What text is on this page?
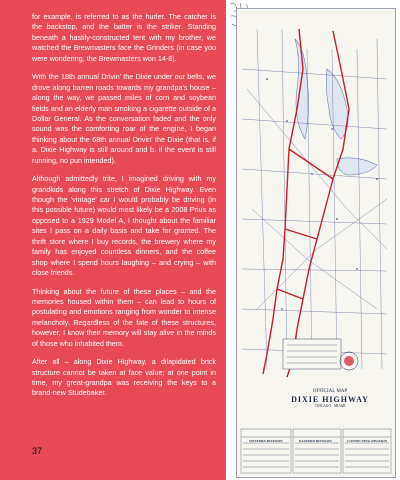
for example, is referred to as the hurler. The catcher is the backstop, and the batter is the striker. Standing beneath a hastily-constructed tent with my brother, we watched the Brewmasters face the Grinders (in case you were wondering, the Brewmasters won 14-8).

With the 18th annual Drivin' the Dixie under our belts, we drove along barren roads towards my grandpa's house – along the way, we passed miles of corn and soybean fields and an elderly man smoking a cigarette outside of a Dollar General. As the conversation faded and the only sound was the comforting roar of the engine, I began thinking about the 68th annual Drivin' the Dixie (that is, if a. Dixie Highway is still around and b. if the event is still running, no pun intended).

Although admittedly trite, I imagined driving with my grandkids along this stretch of Dixie Highway. Even though the 'vintage' car I would probably be driving (in this possible future) would most likely be a 2008 Prius as opposed to a 1929 Model A, I thought about the familiar sites I pass on a daily basis and take for granted. The thrift store where I buy records, the brewery where my family has enjoyed countless dinners, and the coffee shop where I spend hours laughing – and crying – with close friends.

Thinking about the future of these places – and the memories housed within them – can lead to hours of postulating and emotions ranging from wonder to intense melancholy. Regardless of the fate of these structures, however, I know their memory will stay alive in the minds of those who inhabited them.

After all – along Dixie Highway, a dilapidated brick structure cannot be taken at face value; at one point in time, my great-grandpa was receiving the keys to a brand-new Studebaker.

37
OFFICIAL MAP
DIXIE HIGHWAY
CHICAGO · MIAMI
WESTERN DIVISION	EASTERN DIVISION	CONNECTING DIVISION
